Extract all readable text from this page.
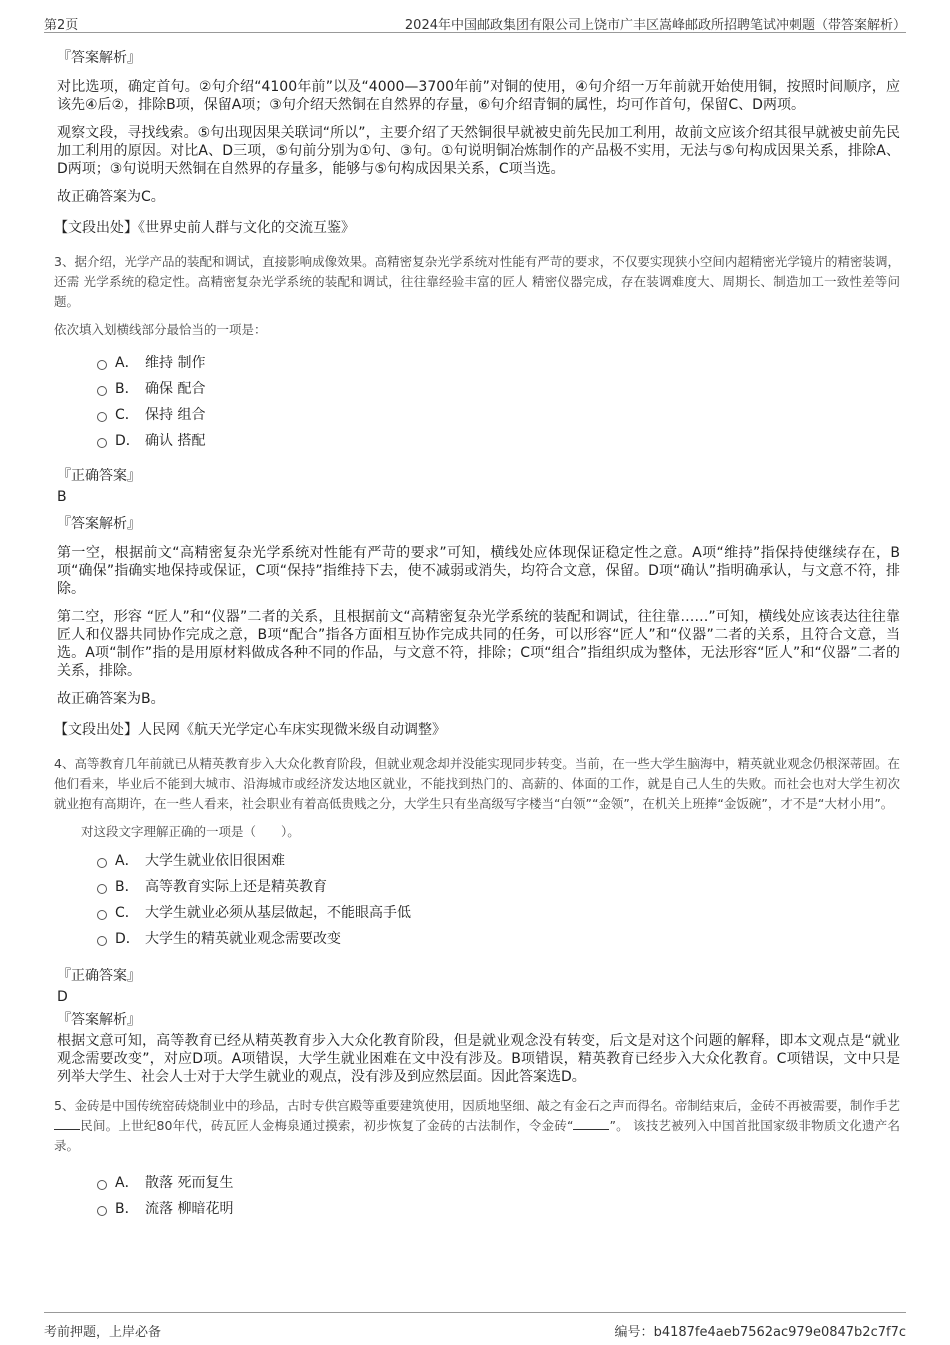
第2页	2024年中国邮政集团有限公司上饶市广丰区嵩峰邮政所招聘笔试冲刺题（带答案解析）
『答案解析』

对比选项，确定首句。②句介绍“4100年前”以及“4000—3700年前”对铜的使用，④句介绍一万年前就开始使用铜，按照时间顺序，应该先④后②，排除B项，保留A项；③句介绍天然铜在自然界的存量，⑥句介绍青铜的属性，均可作首句，保留C、D两项。

观察文段，寻找线索。⑤句出现因果关联词“所以”，主要介绍了天然铜很早就被史前先民加工利用，故前文应该介绍其很早就被史前先民加工利用的原因。对比A、D三项，⑤句前分别为①句、③句。①句说明铜冶炼制作的产品极不实用，无法与⑤句构成因果关系，排除A、D两项；③句说明天然铜在自然界的存量多，能够与⑤句构成因果关系，C项当选。

故正确答案为C。

【文段出处】《世界史前人群与文化的交流互鉴》
3、据介绍，光学产品的装配和调试，直接影响成像效果。高精密复杂光学系统对性能有严苛的要求，不仅要实现狭小空间内超精密光学镜片的精密装调，还需 光学系统的稳定性。高精密复杂光学系统的装配和调试，往往靠经验丰富的匠人 精密仪器完成，存在装调难度大、周期长、制造加工一致性差等问题。
依次填入划横线部分最恰当的一项是：
A． 维持 制作
B． 确保 配合
C． 保持 组合
D． 确认 搭配
『正确答案』
B
『答案解析』

第一空，根据前文“高精密复杂光学系统对性能有严苛的要求”可知，横线处应体现保证稳定性之意。A项“维持”指保持使继续存在，B项“确保”指确实地保持或保证，C项“保持”指维持下去，使不减弱或消失，均符合文意，保留。D项“确认”指明确承认，与文意不符，排除。

第二空，形容 “匠人”和“仪器”二者的关系，且根据前文“高精密复杂光学系统的装配和调试，往往靠……”可知，横线处应该表达往往靠匠人和仪器共同协作完成之意，B项“配合”指各方面相互协作完成共同的任务，可以形容“匠人”和“仪器”二者的关系，且符合文意，当选。A项“制作”指的是用原材料做成各种不同的作品，与文意不符，排除；C项“组合”指组织成为整体，无法形容“匠人”和“仪器”二者的关系，排除。

故正确答案为B。

【文段出处】人民网《航天光学定心车床实现微米级自动调整》
4、高等教育几年前就已从精英教育步入大众化教育阶段，但就业观念却并没能实现同步转变。当前，在一些大学生脑海中，精英就业观念仍根深蒂固。在他们看来，毕业后不能到大城市、沿海城市或经济发达地区就业，不能找到热门的、高薪的、体面的工作，就是自己人生的失败。而社会也对大学生初次就业抱有高期许，在一些人看来，社会职业有着高低贵贱之分，大学生只有坐高级写字楼当“白领”“金领”，在机关上班捧“金饭碗”，才不是“大材小用”。
对这段文字理解正确的一项是（　　）。
A． 大学生就业依旧很困难
B． 高等教育实际上还是精英教育
C． 大学生就业必须从基层做起，不能眼高手低
D． 大学生的精英就业观念需要改变
『正确答案』
D
『答案解析』

根据文意可知，高等教育已经从精英教育步入大众化教育阶段，但是就业观念没有转变，后文是对这个问题的解释，即本文观点是“就业观念需要改变”，对应D项。A项错误，大学生就业困难在文中没有涉及。B项错误，精英教育已经步入大众化教育。C项错误，文中只是列举大学生、社会人士对于大学生就业的观点，没有涉及到应然层面。因此答案选D。

5、金砖是中国传统窑砖烧制业中的珍品，古时专供宫殿等重要建筑使用，因质地坚细、敲之有金石之声而得名。帝制结束后，金砖不再被需要，制作手艺 民间。上世纪80年代，砖瓦匠人金梅泉通过摸索，初步恢复了金砖的古法制作，令金砖“	”。 该技艺被列入中国首批国家级非物质文化遗产名录。
A． 散落 死而复生
B． 流落 柳暗花明
考前押题，上岸必备	编号：b4187fe4aeb7562ac979e0847b2c7f7c
